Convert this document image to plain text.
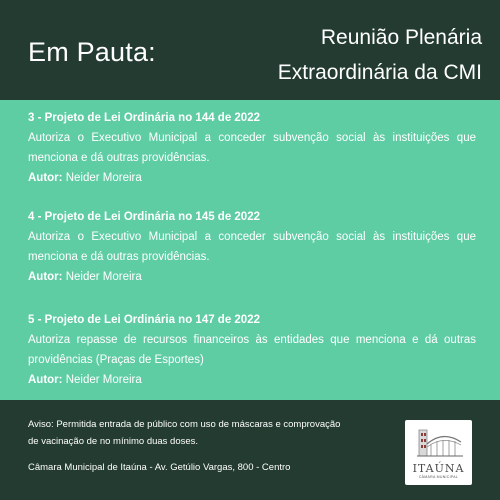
Em Pauta:	Reunião Plenária
Extraordinária da CMI
3 - Projeto de Lei Ordinária no 144 de 2022
Autoriza o Executivo Municipal a conceder subvenção social às instituições que menciona e dá outras providências.
Autor: Neider Moreira
4 - Projeto de Lei Ordinária no 145 de 2022
Autoriza o Executivo Municipal a conceder subvenção social às instituições que menciona e dá outras providências.
Autor: Neider Moreira
5 - Projeto de Lei Ordinária no 147 de 2022
Autoriza repasse de recursos financeiros às entidades que menciona e dá outras providências (Praças de Esportes)
Autor: Neider Moreira
Aviso: Permitida entrada de público com uso de máscaras e comprovação de vacinação de no mínimo duas doses.
Câmara Municipal de Itaúna - Av. Getúlio Vargas, 800 - Centro	ITAÚNA
CÂMARA MUNICIPAL
